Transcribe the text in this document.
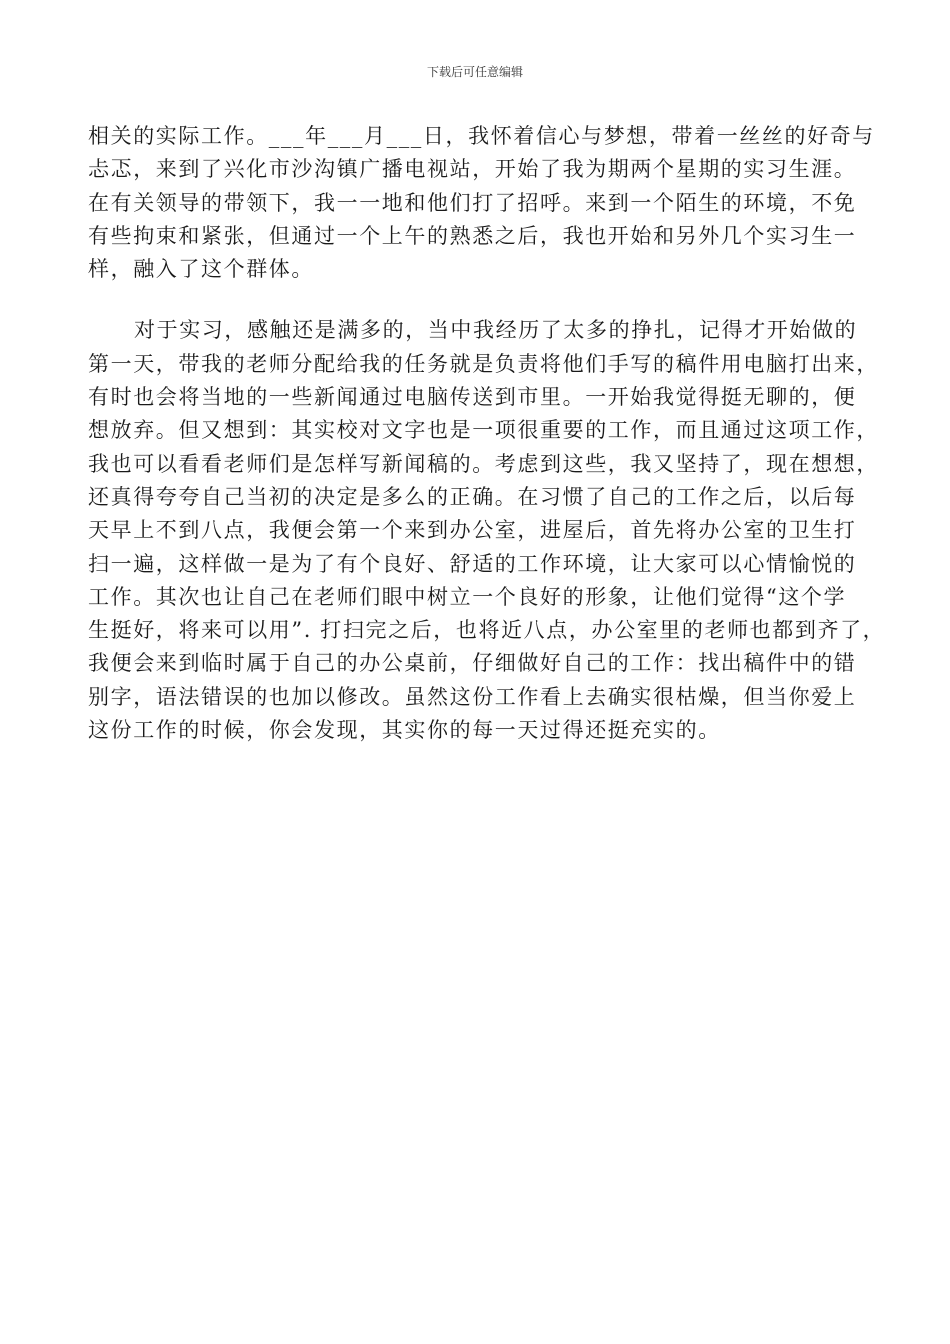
下载后可任意编辑
相关的实际工作。___年___月___日，我怀着信心与梦想，带着一丝丝的好奇与
忐忑，来到了兴化市沙沟镇广播电视站，开始了我为期两个星期的实习生涯。
在有关领导的带领下，我一一地和他们打了招呼。来到一个陌生的环境，不免
有些拘束和紧张，但通过一个上午的熟悉之后，我也开始和另外几个实习生一
样，融入了这个群体。
对于实习，感触还是满多的，当中我经历了太多的挣扎，记得才开始做的
第一天，带我的老师分配给我的任务就是负责将他们手写的稿件用电脑打出来，
有时也会将当地的一些新闻通过电脑传送到市里。一开始我觉得挺无聊的，便
想放弃。但又想到：其实校对文字也是一项很重要的工作，而且通过这项工作，
我也可以看看老师们是怎样写新闻稿的。考虑到这些，我又坚持了，现在想想，
还真得夸夸自己当初的决定是多么的正确。在习惯了自己的工作之后，以后每
天早上不到八点，我便会第一个来到办公室，进屋后，首先将办公室的卫生打
扫一遍，这样做一是为了有个良好、舒适的工作环境，让大家可以心情愉悦的
工作。其次也让自己在老师们眼中树立一个良好的形象，让他们觉得“这个学
生挺好，将来可以用”. 打扫完之后，也将近八点，办公室里的老师也都到齐了，
我便会来到临时属于自己的办公桌前，仔细做好自己的工作：找出稿件中的错
别字，语法错误的也加以修改。虽然这份工作看上去确实很枯燥，但当你爱上
这份工作的时候，你会发现，其实你的每一天过得还挺充实的。
